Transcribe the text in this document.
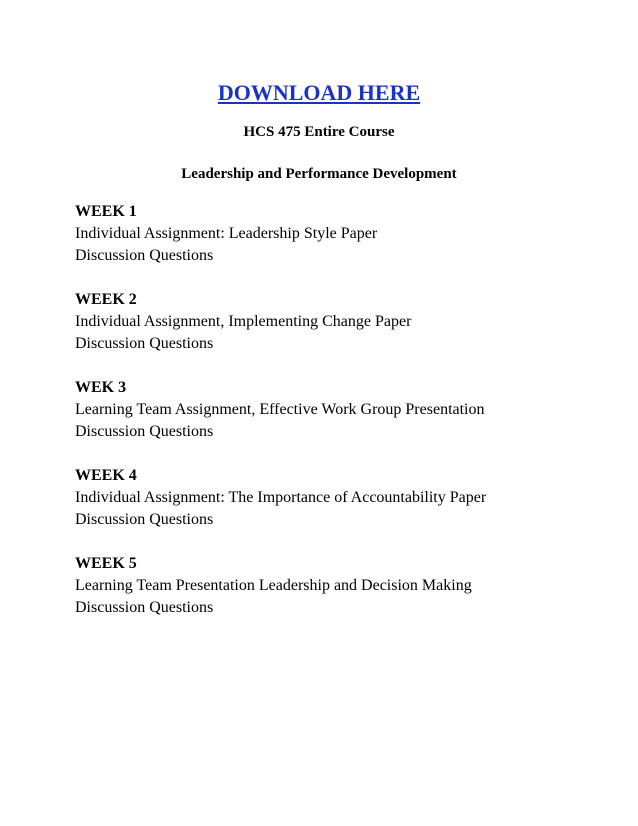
DOWNLOAD HERE
HCS 475 Entire Course
Leadership and Performance Development
WEEK 1
Individual Assignment: Leadership Style Paper
Discussion Questions
WEEK 2
Individual Assignment, Implementing Change Paper
Discussion Questions
WEK 3
Learning Team Assignment, Effective Work Group Presentation
Discussion Questions
WEEK 4
Individual Assignment: The Importance of Accountability Paper
Discussion Questions
WEEK 5
Learning Team Presentation Leadership and Decision Making
Discussion Questions
